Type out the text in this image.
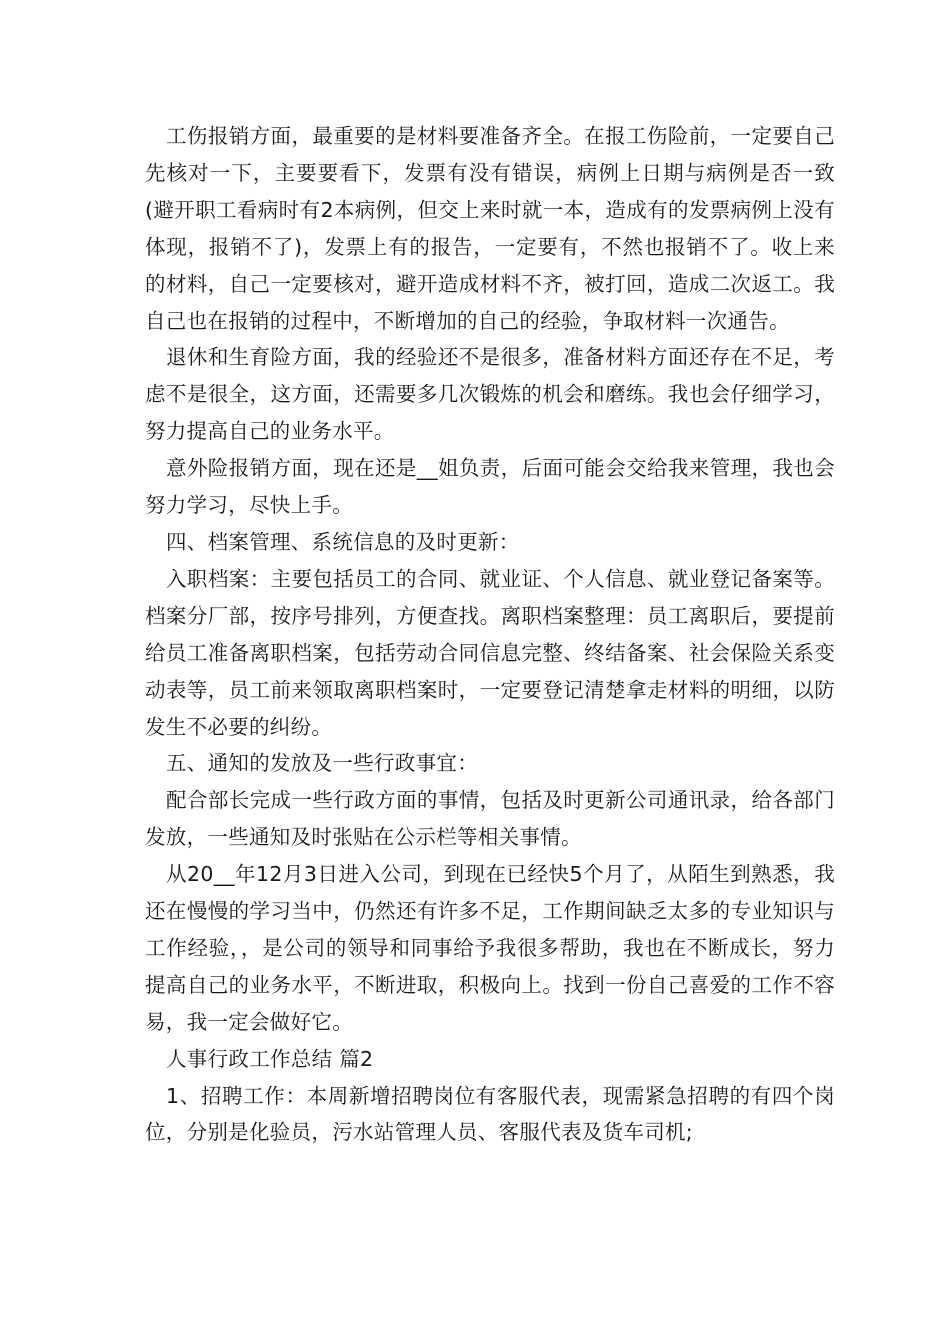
工伤报销方面，最重要的是材料要准备齐全。在报工伤险前，一定要自己先核对一下，主要要看下，发票有没有错误，病例上日期与病例是否一致(避开职工看病时有2本病例，但交上来时就一本，造成有的发票病例上没有体现，报销不了)，发票上有的报告，一定要有，不然也报销不了。收上来的材料，自己一定要核对，避开造成材料不齐，被打回，造成二次返工。我自己也在报销的过程中，不断增加的自己的经验，争取材料一次通告。

退休和生育险方面，我的经验还不是很多，准备材料方面还存在不足，考虑不是很全，这方面，还需要多几次锻炼的机会和磨练。我也会仔细学习，努力提高自己的业务水平。

意外险报销方面，现在还是__姐负责，后面可能会交给我来管理，我也会努力学习，尽快上手。

四、档案管理、系统信息的及时更新：

入职档案：主要包括员工的合同、就业证、个人信息、就业登记备案等。档案分厂部，按序号排列，方便查找。离职档案整理：员工离职后，要提前给员工准备离职档案，包括劳动合同信息完整、终结备案、社会保险关系变动表等，员工前来领取离职档案时，一定要登记清楚拿走材料的明细，以防发生不必要的纠纷。

五、通知的发放及一些行政事宜：

配合部长完成一些行政方面的事情，包括及时更新公司通讯录，给各部门发放，一些通知及时张贴在公示栏等相关事情。

从20__年12月3日进入公司，到现在已经快5个月了，从陌生到熟悉，我还在慢慢的学习当中，仍然还有许多不足，工作期间缺乏太多的专业知识与工作经验，，是公司的领导和同事给予我很多帮助，我也在不断成长，努力提高自己的业务水平，不断进取，积极向上。找到一份自己喜爱的工作不容易，我一定会做好它。

人事行政工作总结 篇2

1、招聘工作：本周新增招聘岗位有客服代表，现需紧急招聘的有四个岗位，分别是化验员，污水站管理人员、客服代表及货车司机;
